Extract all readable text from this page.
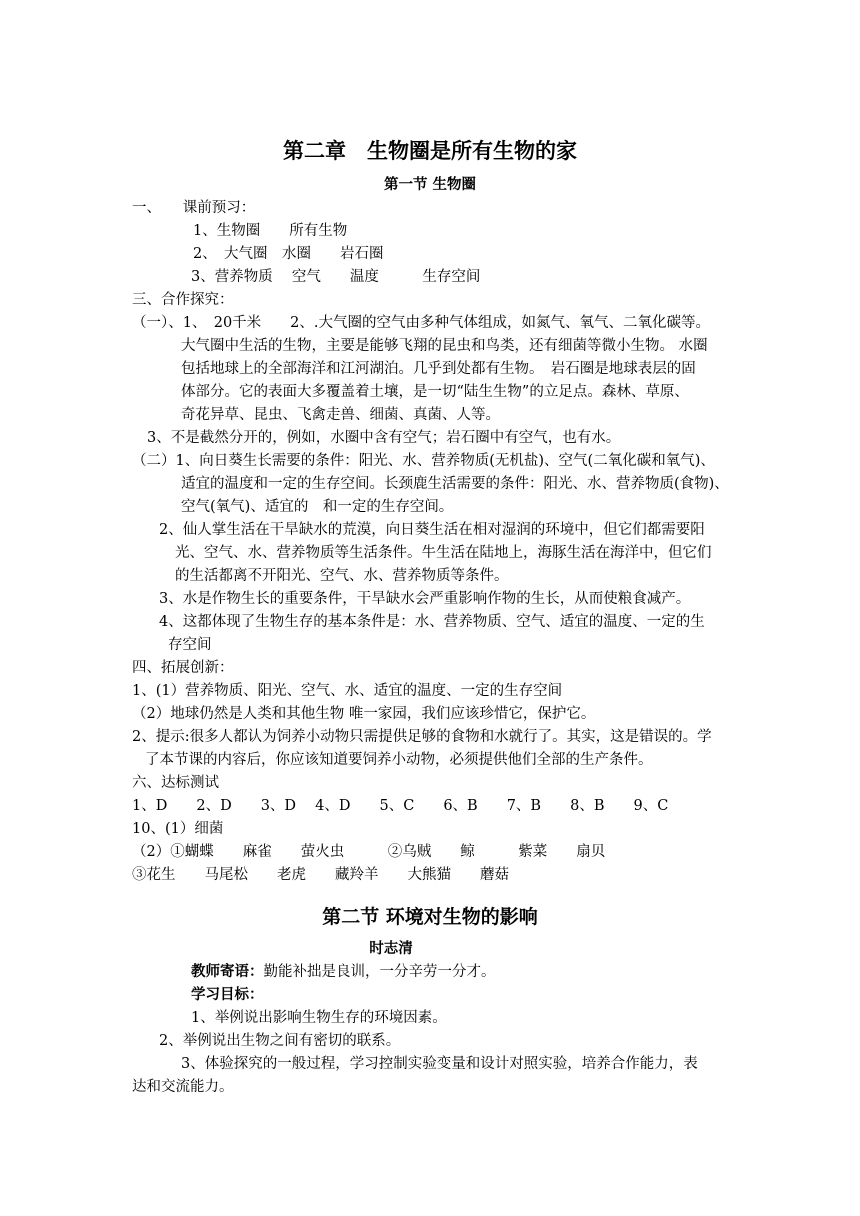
第二章　生物圈是所有生物的家
第一节 生物圈
一、　　课前预习：
1、生物圈　　所有生物
2、　大气圈　水圈　　岩石圈
3、营养物质　 空气　　温度　　　生存空间
三、合作探究：
（一）、1、　20千米　　2、.大气圈的空气由多种气体组成，如氮气、氧气、二氧化碳等。
大气圈中生活的生物，主要是能够飞翔的昆虫和鸟类，还有细菌等微小生物。 水圈
包括地球上的全部海洋和江河湖泊。几乎到处都有生物。　岩石圈是地球表层的固
体部分。它的表面大多覆盖着土壤，是一切“陆生生物”的立足点。森林、草原、
奇花异草、昆虫、飞禽走兽、细菌、真菌、人等。
3、不是截然分开的，例如，水圈中含有空气；岩石圈中有空气，也有水。
（二）1、向日葵生长需要的条件：阳光、水、营养物质(无机盐)、空气(二氧化碳和氧气)、
适宜的温度和一定的生存空间。长颈鹿生活需要的条件：阳光、水、营养物质(食物)、
空气(氧气)、适宜的　和一定的生存空间。
2、仙人掌生活在干旱缺水的荒漠，向日葵生活在相对湿润的环境中，但它们都需要阳
光、空气、水、营养物质等生活条件。牛生活在陆地上，海豚生活在海洋中，但它们
的生活都离不开阳光、空气、水、营养物质等条件。
3、水是作物生长的重要条件，干旱缺水会严重影响作物的生长，从而使粮食减产。
4、这都体现了生物生存的基本条件是：水、营养物质、空气、适宜的温度、一定的生
存空间
四、拓展创新：
1、(1）营养物质、阳光、空气、水、适宜的温度、一定的生存空间
（2）地球仍然是人类和其他生物 唯一家园，我们应该珍惜它，保护它。
2、提示:很多人都认为饲养小动物只需提供足够的食物和水就行了。其实，这是错误的。学
了本节课的内容后，你应该知道要饲养小动物，必须提供他们全部的生产条件。
六、达标测试
1、D　　2、D　　3、D　 4、D　　5、C　　6、B　　7、B　　8、B　　9、C
10、(1）细菌
（2）①蝴蝶　　麻雀　　萤火虫　　　②乌贼　　鲸　　　紫菜　　扇贝
③花生　　马尾松　　老虎　　藏羚羊　　大熊猫　　蘑菇
第二节 环境对生物的影响
时志清
教师寄语：勤能补拙是良训，一分辛劳一分才。
学习目标：
1、举例说出影响生物生存的环境因素。
2、举例说出生物之间有密切的联系。
3、体验探究的一般过程，学习控制实验变量和设计对照实验，培养合作能力，表
达和交流能力。
